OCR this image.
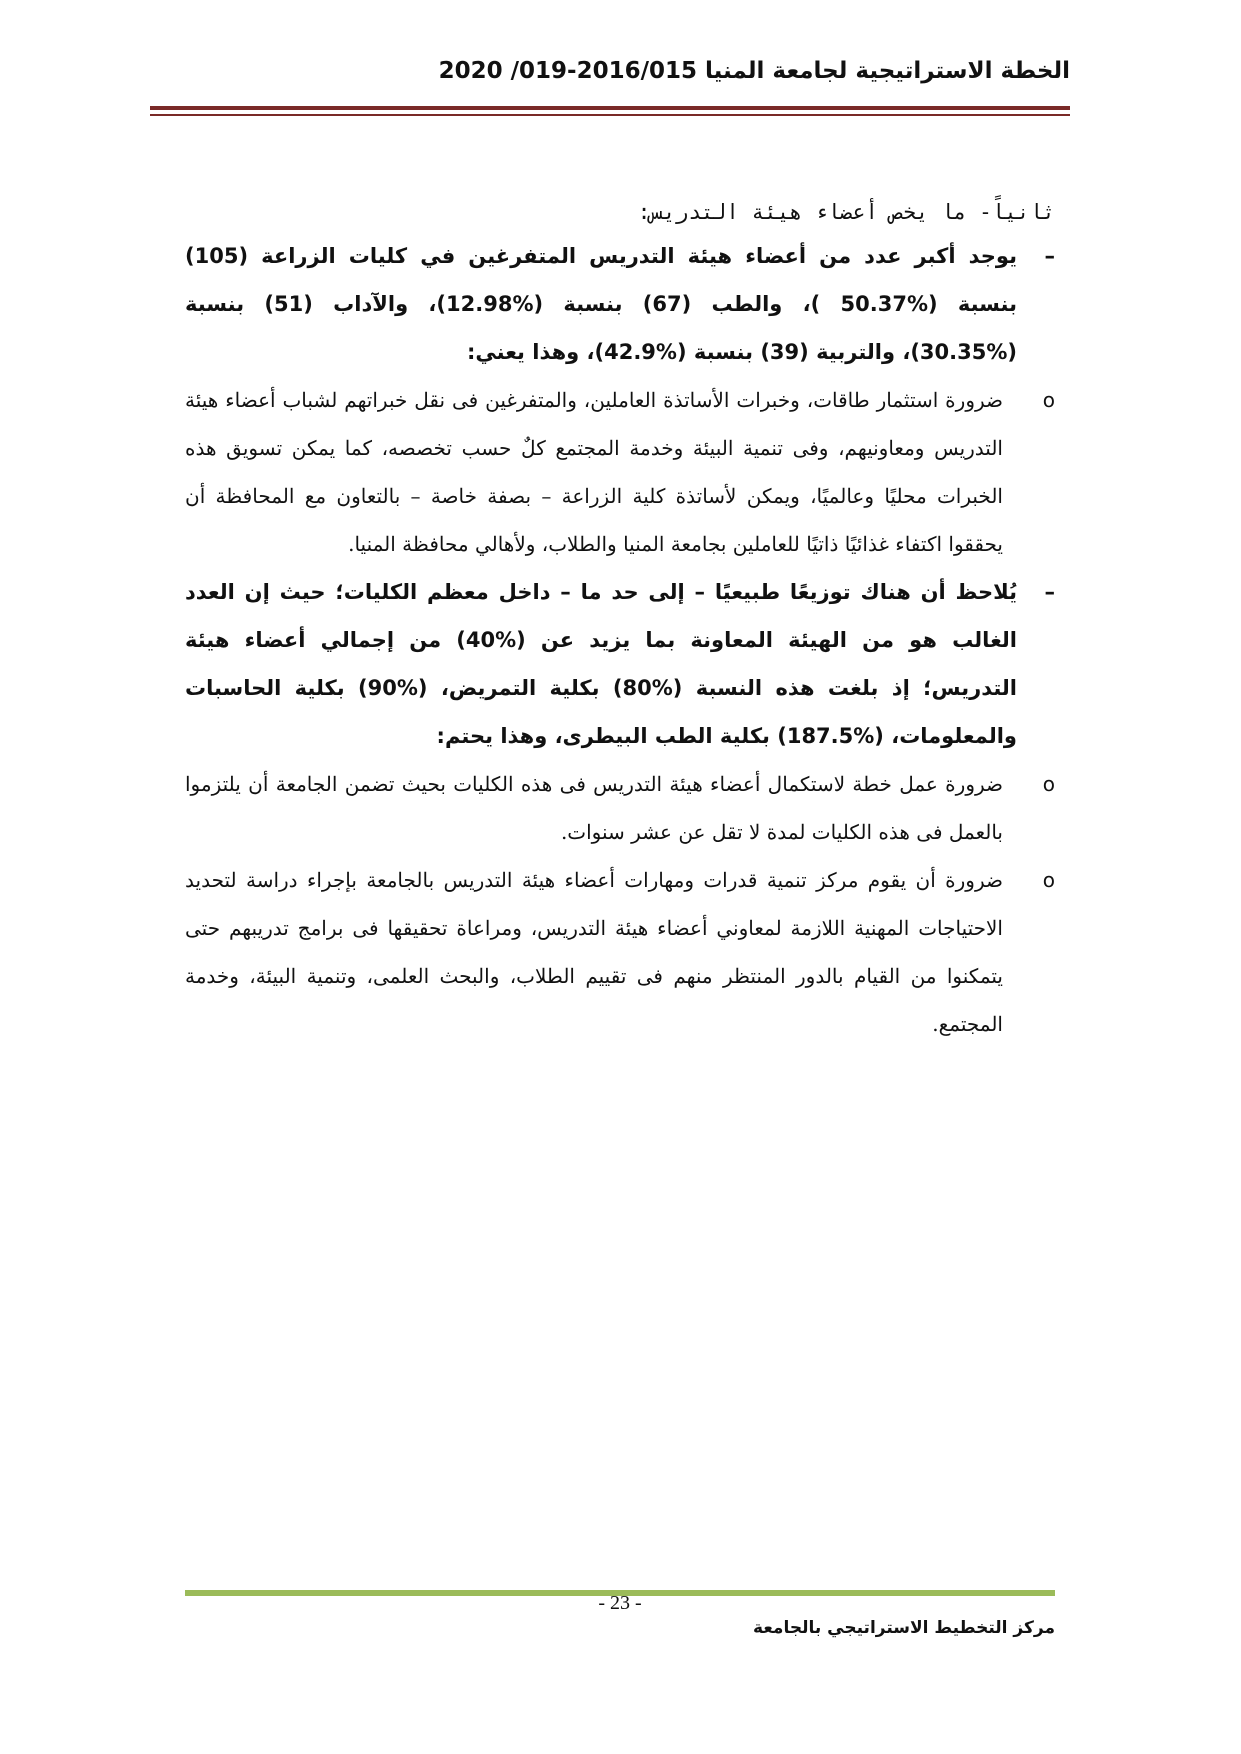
الخطة الاستراتيجية لجامعة المنيا 2016/015-019/ 2020

ثانياً- ما يخص أعضاء هيئة التدريس:

–
يوجد أكبر عدد من أعضاء هيئة التدريس المتفرغين في كليات الزراعة (105) بنسبة (%50.37 )، والطب (67) بنسبة (%12.98)، والآداب (51) بنسبة (%30.35)، والتربية (39) بنسبة (%42.9)، وهذا يعني:
o
ضرورة استثمار طاقات، وخبرات الأساتذة العاملين، والمتفرغين فى نقل خبراتهم لشباب أعضاء هيئة التدريس ومعاونيهم، وفى تنمية البيئة وخدمة المجتمع كلٌ حسب تخصصه، كما يمكن تسويق هذه الخبرات محليًا وعالميًا، ويمكن لأساتذة كلية الزراعة – بصفة خاصة – بالتعاون مع المحافظة أن يحققوا اكتفاء غذائيًا ذاتيًا للعاملين بجامعة المنيا والطلاب، ولأهالي محافظة المنيا.
–
يُلاحظ أن هناك توزيعًا طبيعيًا – إلى حد ما – داخل معظم الكليات؛ حيث إن العدد الغالب هو من الهيئة المعاونة بما يزيد عن (%40) من إجمالي أعضاء هيئة التدريس؛ إذ بلغت هذه النسبة (%80) بكلية التمريض، (%90) بكلية الحاسبات والمعلومات، (%187.5) بكلية الطب البيطرى، وهذا يحتم:
o
ضرورة عمل خطة لاستكمال أعضاء هيئة التدريس فى هذه الكليات بحيث تضمن الجامعة أن يلتزموا بالعمل فى هذه الكليات لمدة لا تقل عن عشر سنوات.
o
ضرورة أن يقوم مركز تنمية قدرات ومهارات أعضاء هيئة التدريس بالجامعة بإجراء دراسة لتحديد الاحتياجات المهنية اللازمة لمعاوني أعضاء هيئة التدريس، ومراعاة تحقيقها فى برامج تدريبهم حتى يتمكنوا من القيام بالدور المنتظر منهم فى تقييم الطلاب، والبحث العلمى، وتنمية البيئة، وخدمة المجتمع.
- 23 -
مركز التخطيط الاستراتيجي بالجامعة
